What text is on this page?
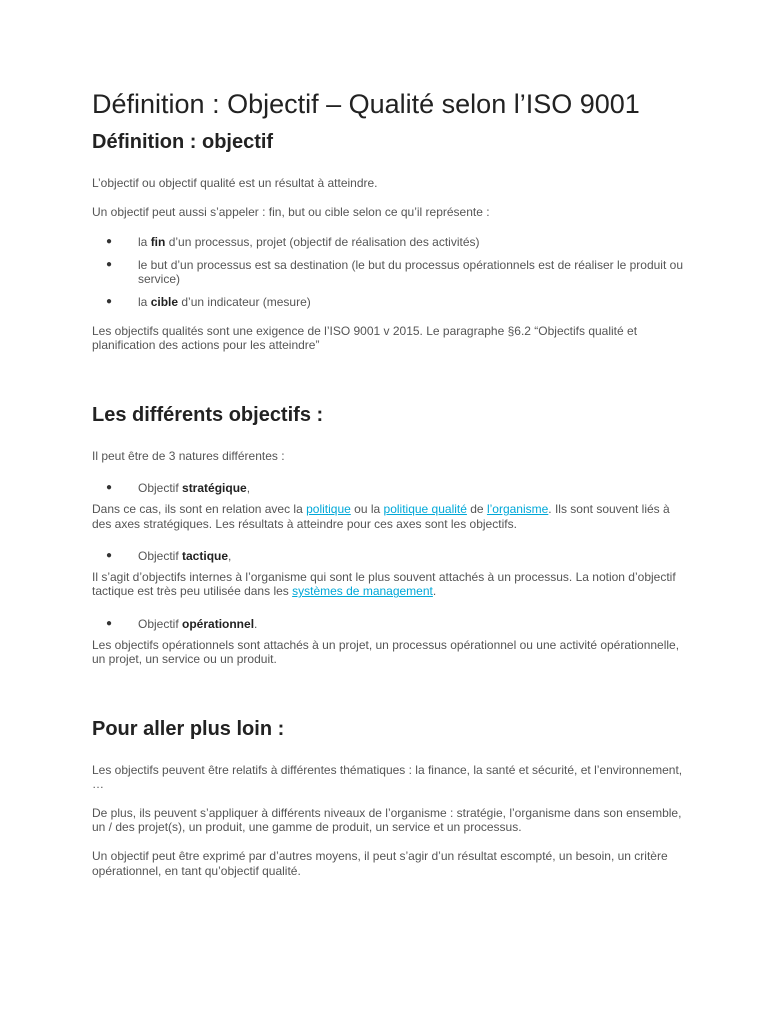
Définition : Objectif – Qualité selon l’ISO 9001
Définition : objectif

L’objectif ou objectif qualité est un résultat à atteindre.

Un objectif peut aussi s’appeler : fin, but ou cible selon ce qu’il représente :

● la fin d’un processus, projet (objectif de réalisation des activités)
● le but d’un processus est sa destination (le but du processus opérationnels est de réaliser le produit ou service)
● la cible d’un indicateur (mesure)

Les objectifs qualités sont une exigence de l’ISO 9001 v 2015. Le paragraphe §6.2 “Objectifs qualité et planification des actions pour les atteindre”

Les différents objectifs :

Il peut être de 3 natures différentes :

● Objectif stratégique,

Dans ce cas, ils sont en relation avec la politique ou la politique qualité de l’organisme. Ils sont souvent liés à des axes stratégiques. Les résultats à atteindre pour ces axes sont les objectifs.

● Objectif tactique,

Il s’agit d’objectifs internes à l’organisme qui sont le plus souvent attachés à un processus. La notion d’objectif tactique est très peu utilisée dans les systèmes de management.

● Objectif opérationnel.

Les objectifs opérationnels sont attachés à un projet, un processus opérationnel ou une activité opérationnelle, un projet, un service ou un produit.

Pour aller plus loin :

Les objectifs peuvent être relatifs à différentes thématiques : la finance, la santé et sécurité, et l’environnement, …

De plus, ils peuvent s’appliquer à différents niveaux de l’organisme : stratégie, l’organisme dans son ensemble, un / des projet(s), un produit, une gamme de produit, un service et un processus.

Un objectif peut être exprimé par d’autres moyens, il peut s’agir d’un résultat escompté, un besoin, un critère opérationnel, en tant qu’objectif qualité.
